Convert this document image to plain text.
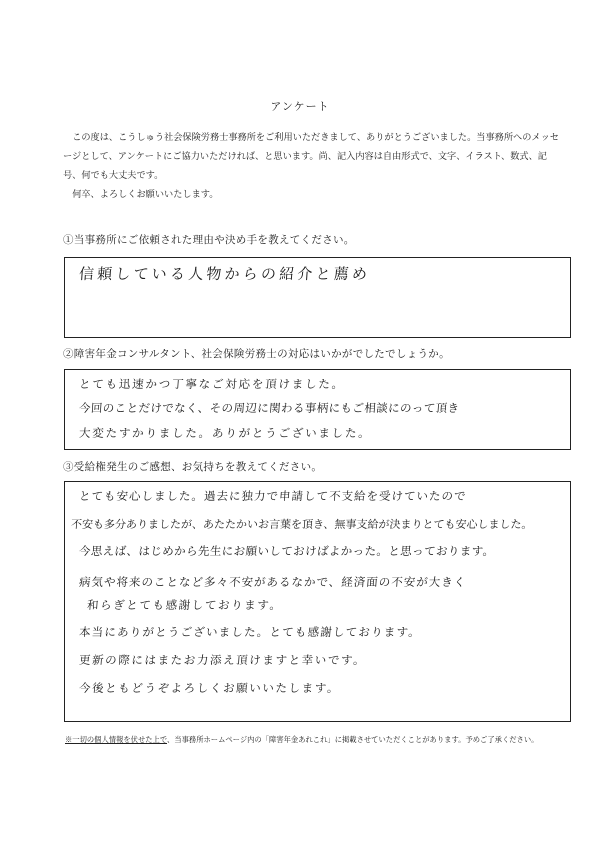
アンケート

この度は、こうしゅう社会保険労務士事務所をご利用いただきまして、ありがとうございました。当事務所へのメッセージとして、アンケートにご協力いただければ、と思います。尚、記入内容は自由形式で、文字、イラスト、数式、記号、何でも大丈夫です。

何卒、よろしくお願いいたします。

①当事務所にご依頼された理由や決め手を教えてください。
信頼している人物からの紹介と薦め
②障害年金コンサルタント、社会保険労務士の対応はいかがでしたでしょうか。
とても迅速かつ丁寧なご対応を頂けました。
今回のことだけでなく、その周辺に関わる事柄にもご相談にのって頂き
大変たすかりました。ありがとうございました。
③受給権発生のご感想、お気持ちを教えてください。
とても安心しました。過去に独力で申請して不支給を受けていたので
不安も多分ありましたが、あたたかいお言葉を頂き、無事支給が決まりとても安心しました。
今思えば、はじめから先生にお願いしておけばよかった。と思っております。
病気や将来のことなど多々不安があるなかで、経済面の不安が大きく
和らぎとても感謝しております。
本当にありがとうございました。とても感謝しております。
更新の際にはまたお力添え頂けますと幸いです。
今後ともどうぞよろしくお願いいたします。
※一切の個人情報を伏せた上で、当事務所ホームページ内の「障害年金あれこれ」に掲載させていただくことがあります。予めご了承ください。
